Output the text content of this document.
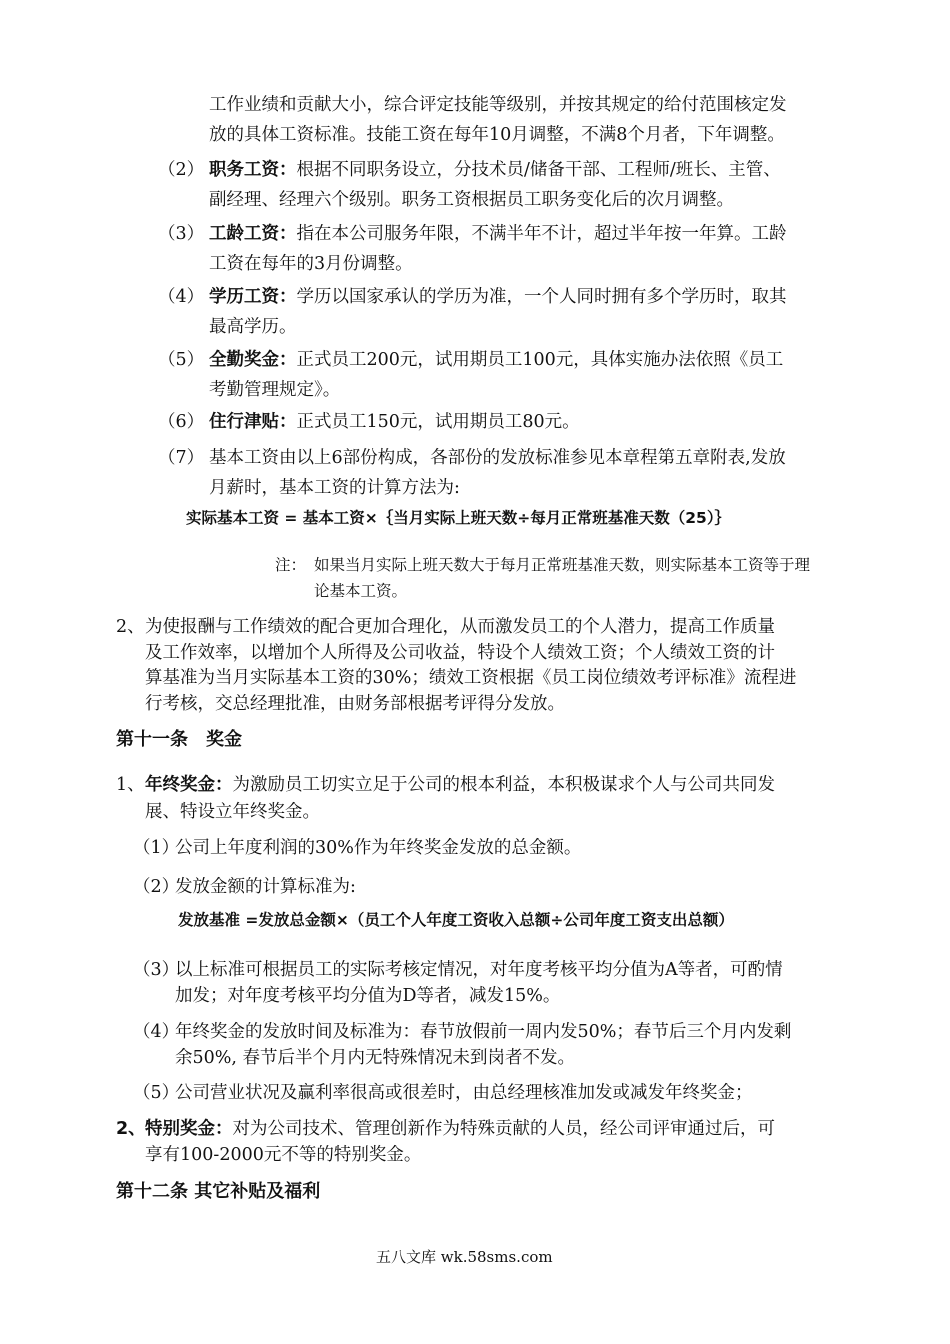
工作业绩和贡献大小，综合评定技能等级别，并按其规定的给付范围核定发
放的具体工资标准。技能工资在每年10月调整，不满8个月者，下年调整。
（2） 职务工资：根据不同职务设立，分技术员/储备干部、工程师/班长、主管、
副经理、经理六个级别。职务工资根据员工职务变化后的次月调整。
（3） 工龄工资：指在本公司服务年限，不满半年不计，超过半年按一年算。工龄
工资在每年的3月份调整。
（4） 学历工资：学历以国家承认的学历为准，一个人同时拥有多个学历时，取其
最高学历。
（5） 全勤奖金：正式员工200元，试用期员工100元，具体实施办法依照《员工
考勤管理规定》。
（6） 住行津贴：正式员工150元，试用期员工80元。
（7） 基本工资由以上6部份构成，各部份的发放标准参见本章程第五章附表,发放
月薪时，基本工资的计算方法为:
实际基本工资 = 基本工资×｛当月实际上班天数÷每月正常班基准天数（25）｝
注： 如果当月实际上班天数大于每月正常班基准天数，则实际基本工资等于理
论基本工资。
2、 为使报酬与工作绩效的配合更加合理化，从而激发员工的个人潜力，提高工作质量
及工作效率，以增加个人所得及公司收益，特设个人绩效工资；个人绩效工资的计
算基准为当月实际基本工资的30%；绩效工资根据《员工岗位绩效考评标准》流程进
行考核，交总经理批准，由财务部根据考评得分发放。
第十一条　奖金
1、 年终奖金：为激励员工切实立足于公司的根本利益，本积极谋求个人与公司共同发
展、特设立年终奖金。
（1）
公司上年度利润的30%作为年终奖金发放的总金额。
（2）
发放金额的计算标准为:
发放基准 =发放总金额×（员工个人年度工资收入总额÷公司年度工资支出总额）
（3）
以上标准可根据员工的实际考核定情况，对年度考核平均分值为A等者，可酌情
加发；对年度考核平均分值为D等者，减发15%。
（4）
年终奖金的发放时间及标准为：春节放假前一周内发50%；春节后三个月内发剩
余50%, 春节后半个月内无特殊情况未到岗者不发。
（5）
公司营业状况及赢利率很高或很差时，由总经理核准加发或减发年终奖金；
2、 特别奖金：对为公司技术、管理创新作为特殊贡献的人员，经公司评审通过后，可
享有100-2000元不等的特别奖金。
第十二条 其它补贴及福利
五八文库 wk.58sms.com
